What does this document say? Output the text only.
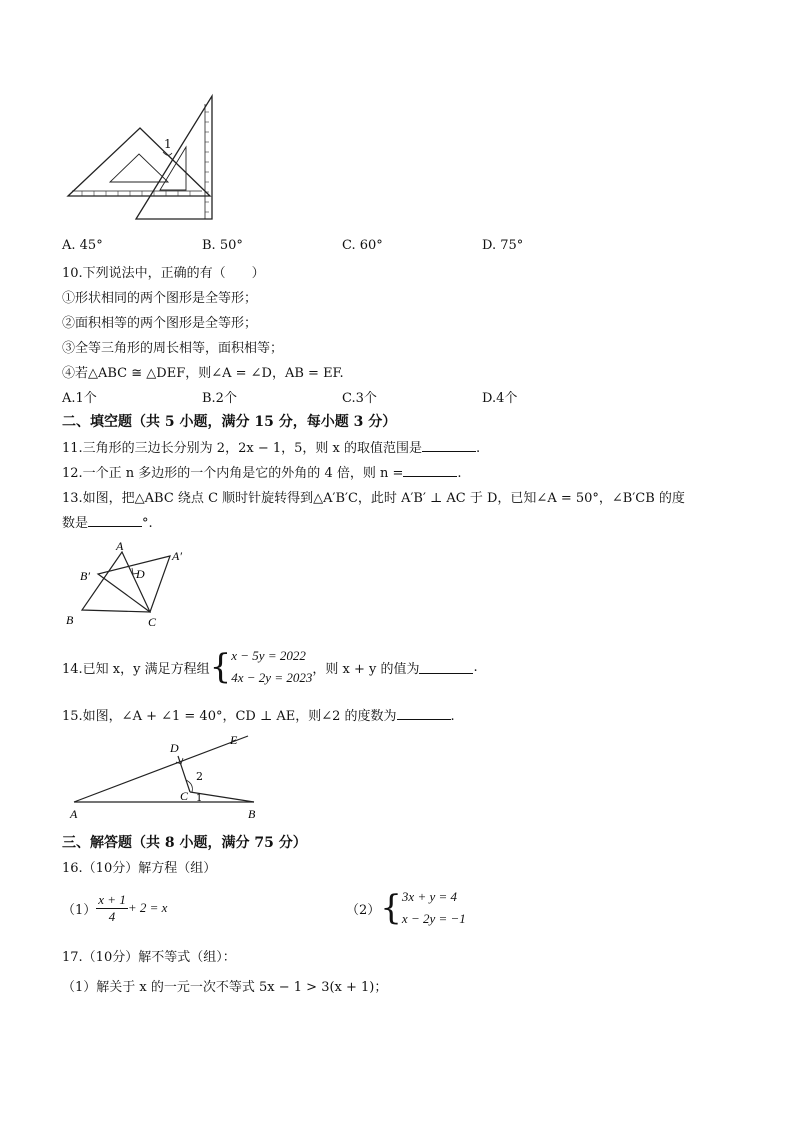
1
A. 45°	B. 50°	C. 60°	D. 75°
10.下列说法中，正确的有（　　）
①形状相同的两个图形是全等形；
②面积相等的两个图形是全等形；
③全等三角形的周长相等，面积相等；
④若△ABC ≅ △DEF，则∠A = ∠D，AB = EF.
A.1个	B.2个	C.3个	D.4个
二、填空题（共 5 小题，满分 15 分，每小题 3 分）
11.三角形的三边长分别为 2，2x − 1，5，则 x 的取值范围是	.
12.一个正 n 多边形的一个内角是它的外角的 4 倍，则 n =	.
13.如图，把△ABC 绕点 C 顺时针旋转得到△A′B′C，此时 A′B′ ⊥ AC 于 D，已知∠A = 50°，∠B′CB 的度
数是	°.
A
A′
B′	D
B	C
14.已知 x，y 满足方程组 { x − 5y = 2022
4x − 2y = 2023
，则 x + y 的值为	.
15.如图，∠A + ∠1 = 40°，CD ⊥ AE，则∠2 的度数为	.
D
E
2
C 1
A	B
三、解答题（共 8 小题，满分 75 分）
16.（10分）解方程（组）
$(1) \frac{x + 1}{4} + 2 = x$	（2） { 3x + y = 4
x − 2y = −1
17.（10分）解不等式（组）：
（1）解关于 x 的一元一次不等式 5x − 1 > 3(x + 1)；
